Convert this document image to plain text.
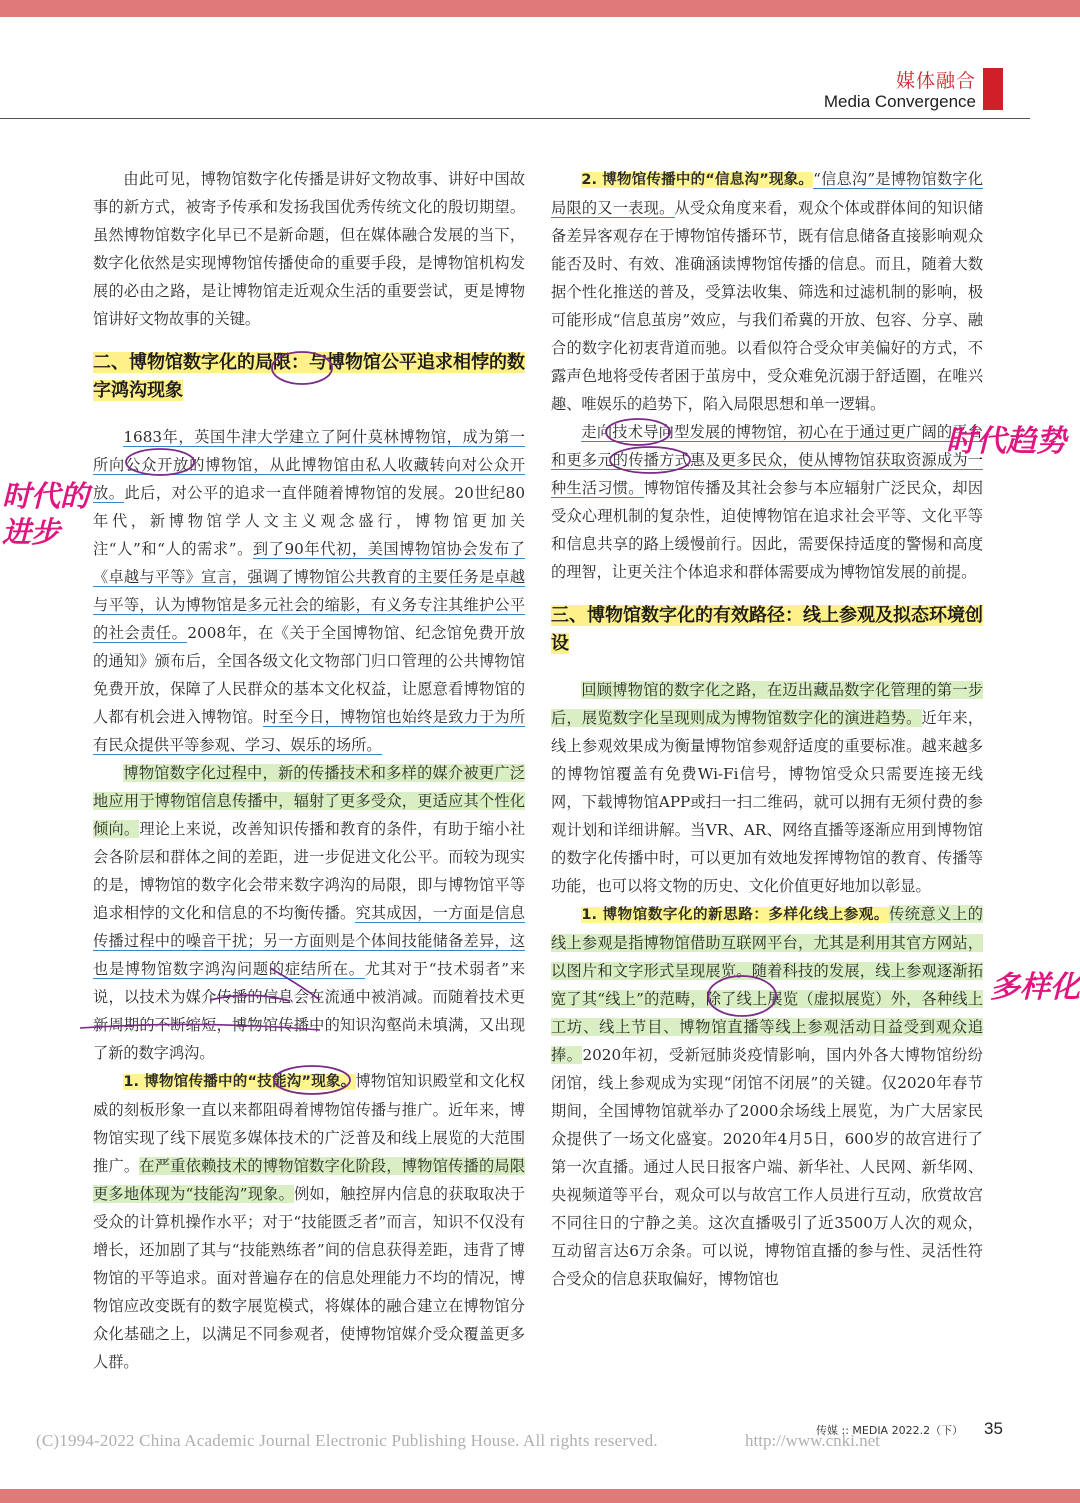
媒体融合
Media Convergence

由此可见，博物馆数字化传播是讲好文物故事、讲好中国故事的新方式，被寄予传承和发扬我国优秀传统文化的殷切期望。虽然博物馆数字化早已不是新命题，但在媒体融合发展的当下，数字化依然是实现博物馆传播使命的重要手段，是博物馆机构发展的必由之路，是让博物馆走近观众生活的重要尝试，更是博物馆讲好文物故事的关键。

二、博物馆数字化的局限：与博物馆公平追求相悖的数字鸿沟现象

1683年，英国牛津大学建立了阿什莫林博物馆，成为第一所向公众开放的博物馆，从此博物馆由私人收藏转向对公众开放。此后，对公平的追求一直伴随着博物馆的发展。20世纪80年代，新博物馆学人文主义观念盛行，博物馆更加关注“人”和“人的需求”。到了90年代初，美国博物馆协会发布了《卓越与平等》宣言，强调了博物馆公共教育的主要任务是卓越与平等，认为博物馆是多元社会的缩影，有义务专注其维护公平的社会责任。2008年，在《关于全国博物馆、纪念馆免费开放的通知》颁布后，全国各级文化文物部门归口管理的公共博物馆免费开放，保障了人民群众的基本文化权益，让愿意看博物馆的人都有机会进入博物馆。时至今日，博物馆也始终是致力于为所有民众提供平等参观、学习、娱乐的场所。

博物馆数字化过程中，新的传播技术和多样的媒介被更广泛地应用于博物馆信息传播中，辐射了更多受众，更适应其个性化倾向。理论上来说，改善知识传播和教育的条件，有助于缩小社会各阶层和群体之间的差距，进一步促进文化公平。而较为现实的是，博物馆的数字化会带来数字鸿沟的局限，即与博物馆平等追求相悖的文化和信息的不均衡传播。究其成因，一方面是信息传播过程中的噪音干扰；另一方面则是个体间技能储备差异，这也是博物馆数字鸿沟问题的症结所在。尤其对于“技术弱者”来说，以技术为媒介传播的信息会在流通中被消减。而随着技术更新周期的不断缩短，博物馆传播中的知识沟壑尚未填满，又出现了新的数字鸿沟。

1. 博物馆传播中的“技能沟”现象。博物馆知识殿堂和文化权威的刻板形象一直以来都阻碍着博物馆传播与推广。近年来，博物馆实现了线下展览多媒体技术的广泛普及和线上展览的大范围推广。在严重依赖技术的博物馆数字化阶段，博物馆传播的局限更多地体现为“技能沟”现象。例如，触控屏内信息的获取取决于受众的计算机操作水平；对于“技能匮乏者”而言，知识不仅没有增长，还加剧了其与“技能熟练者”间的信息获得差距，违背了博物馆的平等追求。面对普遍存在的信息处理能力不均的情况，博物馆应改变既有的数字展览模式，将媒体的融合建立在博物馆分众化基础之上，以满足不同参观者，使博物馆媒介受众覆盖更多人群。

2. 博物馆传播中的“信息沟”现象。“信息沟”是博物馆数字化局限的又一表现。从受众角度来看，观众个体或群体间的知识储备差异客观存在于博物馆传播环节，既有信息储备直接影响观众能否及时、有效、准确涵读博物馆传播的信息。而且，随着大数据个性化推送的普及，受算法收集、筛选和过滤机制的影响，极可能形成“信息茧房”效应，与我们希冀的开放、包容、分享、融合的数字化初衷背道而驰。以看似符合受众审美偏好的方式，不露声色地将受传者困于茧房中，受众难免沉溺于舒适圈，在唯兴趣、唯娱乐的趋势下，陷入局限思想和单一逻辑。

走向技术导向型发展的博物馆，初心在于通过更广阔的平台和更多元的传播方式惠及更多民众，使从博物馆获取资源成为一种生活习惯。博物馆传播及其社会参与本应辐射广泛民众，却因受众心理机制的复杂性，迫使博物馆在追求社会平等、文化平等和信息共享的路上缓慢前行。因此，需要保持适度的警惕和高度的理智，让更关注个体追求和群体需要成为博物馆发展的前提。

三、博物馆数字化的有效路径：线上参观及拟态环境创设

回顾博物馆的数字化之路，在迈出藏品数字化管理的第一步后，展览数字化呈现则成为博物馆数字化的演进趋势。近年来，线上参观效果成为衡量博物馆参观舒适度的重要标准。越来越多的博物馆覆盖有免费Wi-Fi信号，博物馆受众只需要连接无线网，下载博物馆APP或扫一扫二维码，就可以拥有无须付费的参观计划和详细讲解。当VR、AR、网络直播等逐渐应用到博物馆的数字化传播中时，可以更加有效地发挥博物馆的教育、传播等功能，也可以将文物的历史、文化价值更好地加以彰显。

1. 博物馆数字化的新思路：多样化线上参观。传统意义上的线上参观是指博物馆借助互联网平台，尤其是利用其官方网站，以图片和文字形式呈现展览。随着科技的发展，线上参观逐渐拓宽了其“线上”的范畴，除了线上展览（虚拟展览）外，各种线上工坊、线上节目、博物馆直播等线上参观活动日益受到观众追捧。2020年初，受新冠肺炎疫情影响，国内外各大博物馆纷纷闭馆，线上参观成为实现“闭馆不闭展”的关键。仅2020年春节期间，全国博物馆就举办了2000余场线上展览，为广大居家民众提供了一场文化盛宴。2020年4月5日，600岁的故宫进行了第一次直播。通过人民日报客户端、新华社、人民网、新华网、央视频道等平台，观众可以与故宫工作人员进行互动，欣赏故宫不同往日的宁静之美。这次直播吸引了近3500万人次的观众，互动留言达6万余条。可以说，博物馆直播的参与性、灵活性符合受众的信息获取偏好，博物馆也

时代的进步
时代趋势
多样化
(C)1994-2022 China Academic Journal Electronic Publishing House. All rights reserved.	http://www.cnki.net
传媒 :: MEDIA 2022.2（下） 35
